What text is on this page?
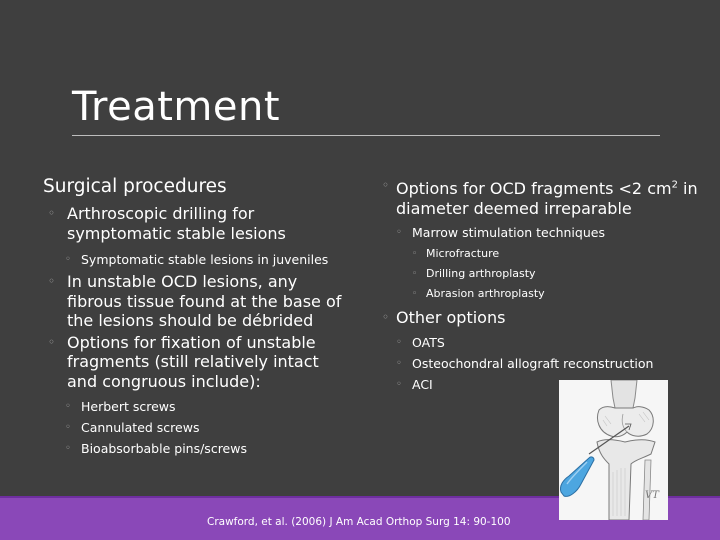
Treatment

Surgical procedures

◦ Arthroscopic drilling for symptomatic stable lesions
◦ Symptomatic stable lesions in juveniles
◦ In unstable OCD lesions, any fibrous tissue found at the base of the lesions should be débrided
◦ Options for fixation of unstable fragments (still relatively intact and congruous include):
◦ Herbert screws
◦ Cannulated screws
◦ Bioabsorbable pins/screws
◦ Options for OCD fragments <2 $cm^2$ in diameter deemed irreparable
◦ Marrow stimulation techniques
◦ Microfracture
◦ Drilling arthroplasty
◦ Abrasion arthroplasty
◦ Other options
◦ OATS
◦ Osteochondral allograft reconstruction
◦ ACI
VT
Crawford, et al. (2006) J Am Acad Orthop Surg 14: 90-100
